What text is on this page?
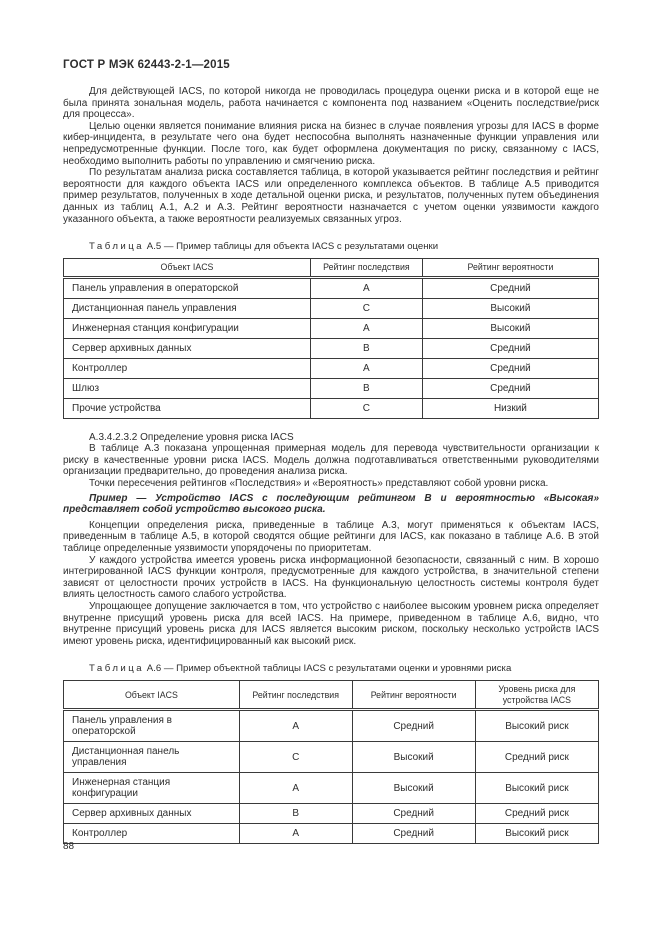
ГОСТ Р МЭК 62443-2-1—2015

Для действующей IACS, по которой никогда не проводилась процедура оценки риска и в которой еще не была принята зональная модель, работа начинается с компонента под названием «Оценить последствие/риск для процесса».

Целью оценки является понимание влияния риска на бизнес в случае появления угрозы для IACS в форме кибер-инцидента, в результате чего она будет неспособна выполнять назначенные функции управления или непредусмотренные функции. После того, как будет оформлена документация по риску, связанному с IACS, необходимо выполнить работы по управлению и смягчению риска.

По результатам анализа риска составляется таблица, в которой указывается рейтинг последствия и рейтинг вероятности для каждого объекта IACS или определенного комплекса объектов. В таблице А.5 приводится пример результатов, полученных в ходе детальной оценки риска, и результатов, полученных путем объединения данных из таблиц А.1, А.2 и А.3. Рейтинг вероятности назначается с учетом оценки уязвимости каждого указанного объекта, а также вероятности реализуемых связанных угроз.

Таблица А.5 — Пример таблицы для объекта IACS с результатами оценки

Объект IACS	Рейтинг последствия	Рейтинг вероятности
Панель управления в операторской	A	Средний
Дистанционная панель управления	C	Высокий
Инженерная станция конфигурации	A	Высокий
Сервер архивных данных	B	Средний
Контроллер	A	Средний
Шлюз	B	Средний
Прочие устройства	C	Низкий

А.3.4.2.3.2 Определение уровня риска IACS

В таблице А.3 показана упрощенная примерная модель для перевода чувствительности организации к риску в качественные уровни риска IACS. Модель должна подготавливаться ответственными руководителями организации предварительно, до проведения анализа риска.

Точки пересечения рейтингов «Последствия» и «Вероятность» представляют собой уровни риска.

Пример — Устройство IACS с последующим рейтингом В и вероятностью «Высокая» представляет собой устройство высокого риска.

Концепции определения риска, приведенные в таблице А.3, могут применяться к объектам IACS, приведенным в таблице А.5, в которой сводятся общие рейтинги для IACS, как показано в таблице А.6. В этой таблице определенные уязвимости упорядочены по приоритетам.

У каждого устройства имеется уровень риска информационной безопасности, связанный с ним. В хорошо интегрированной IACS функции контроля, предусмотренные для каждого устройства, в значительной степени зависят от целостности прочих устройств в IACS. На функциональную целостность системы контроля будет влиять целостность самого слабого устройства.

Упрощающее допущение заключается в том, что устройство с наиболее высоким уровнем риска определяет внутренне присущий уровень риска для всей IACS. На примере, приведенном в таблице А.6, видно, что внутренне присущий уровень риска для IACS является высоким риском, поскольку несколько устройств IACS имеют уровень риска, идентифицированный как высокий риск.

Таблица А.6 — Пример объектной таблицы IACS с результатами оценки и уровнями риска

Объект IACS	Рейтинг последствия	Рейтинг вероятности	Уровень риска для устройства IACS
Панель управления в операторской	A	Средний	Высокий риск
Дистанционная панель управления	C	Высокий	Средний риск
Инженерная станция конфигурации	A	Высокий	Высокий риск
Сервер архивных данных	B	Средний	Средний риск
Контроллер	A	Средний	Высокий риск
88
